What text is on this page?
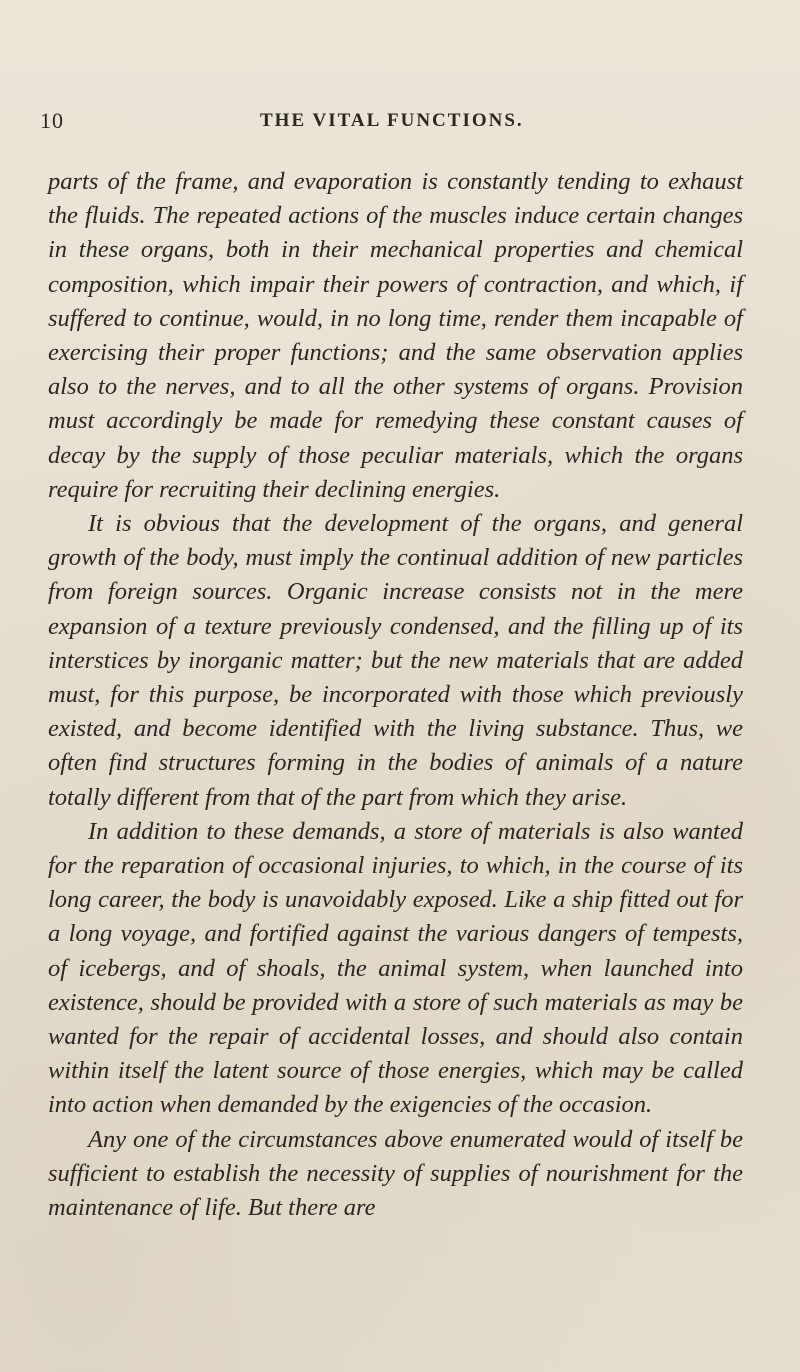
10	THE VITAL FUNCTIONS.

parts of the frame, and evaporation is constantly tending to exhaust the fluids. The repeated actions of the muscles induce certain changes in these organs, both in their mechanical properties and chemical composition, which impair their powers of contraction, and which, if suffered to continue, would, in no long time, render them incapable of exercising their proper functions; and the same observation applies also to the nerves, and to all the other systems of organs. Provision must accordingly be made for remedying these constant causes of decay by the supply of those peculiar materials, which the organs require for recruiting their declining energies.

It is obvious that the development of the organs, and general growth of the body, must imply the continual addition of new particles from foreign sources. Organic increase consists not in the mere expansion of a texture previously condensed, and the filling up of its interstices by inorganic matter; but the new materials that are added must, for this purpose, be incorporated with those which previously existed, and become identified with the living substance. Thus, we often find structures forming in the bodies of animals of a nature totally different from that of the part from which they arise.

In addition to these demands, a store of materials is also wanted for the reparation of occasional injuries, to which, in the course of its long career, the body is unavoidably exposed. Like a ship fitted out for a long voyage, and fortified against the various dangers of tempests, of icebergs, and of shoals, the animal system, when launched into existence, should be provided with a store of such materials as may be wanted for the repair of accidental losses, and should also contain within itself the latent source of those energies, which may be called into action when demanded by the exigencies of the occasion.

Any one of the circumstances above enumerated would of itself be sufficient to establish the necessity of supplies of nourishment for the maintenance of life. But there are
